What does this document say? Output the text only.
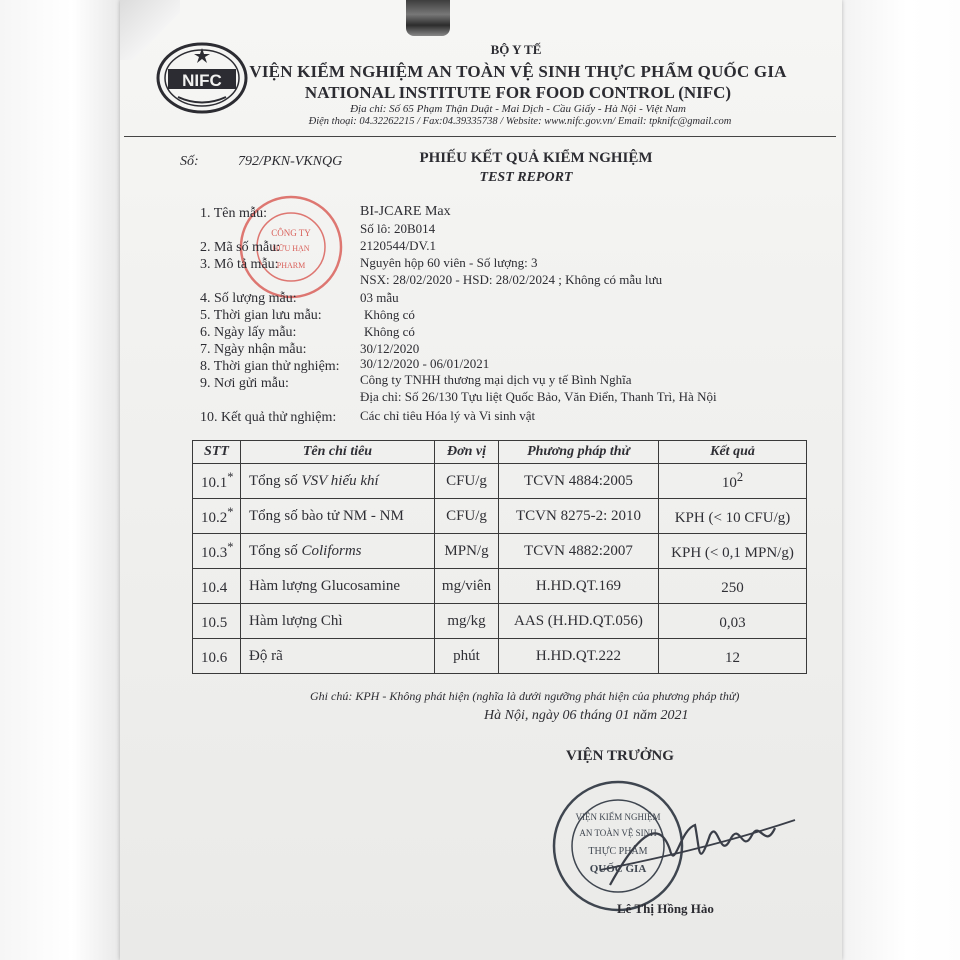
NIFC
BỘ Y TẾ
VIỆN KIỂM NGHIỆM AN TOÀN VỆ SINH THỰC PHẨM QUỐC GIA
NATIONAL INSTITUTE FOR FOOD CONTROL (NIFC)
Địa chỉ: Số 65 Phạm Thận Duật - Mai Dịch - Cầu Giấy - Hà Nội - Việt Nam
Điện thoại: 04.32262215 / Fax:04.39335738 / Website: www.nifc.gov.vn/ Email: tpknifc@gmail.com
Số:	792/PKN-VKNQG	PHIẾU KẾT QUẢ KIỂM NGHIỆM
TEST REPORT
CÔNG TY
HỮU HẠN
PHARM
1. Tên mẫu:	BI-JCARE Max
Số lô: 20B014
2. Mã số mẫu:	2120544/DV.1
3. Mô tả mẫu:	Nguyên hộp 60 viên - Số lượng: 3
NSX: 28/02/2020 - HSD: 28/02/2024 ; Không có mẫu lưu
4. Số lượng mẫu:	03 mẫu
5. Thời gian lưu mẫu:	Không có
6. Ngày lấy mẫu:	Không có
7. Ngày nhận mẫu:	30/12/2020
8. Thời gian thử nghiệm: 30/12/2020 - 06/01/2021
9. Nơi gửi mẫu:	Công ty TNHH thương mại dịch vụ y tế Bình Nghĩa
Địa chỉ: Số 26/130 Tựu liệt Quốc Bảo, Văn Điển, Thanh Trì, Hà Nội
10. Kết quả thử nghiệm: Các chỉ tiêu Hóa lý và Vi sinh vật
STT	Tên chỉ tiêu	Đơn vị	Phương pháp thử	Kết quả
10.1*	Tổng số VSV hiếu khí	CFU/g	TCVN 4884:2005	$10^2$
10.2*	Tổng số bào tử NM - NM	CFU/g	TCVN 8275-2: 2010	KPH (< 10 CFU/g)
10.3*	Tổng số Coliforms	MPN/g	TCVN 4882:2007	KPH (< 0,1 MPN/g)
10.4	Hàm lượng Glucosamine	mg/viên	H.HD.QT.169	250
10.5	Hàm lượng Chì	mg/kg	AAS (H.HD.QT.056)	0,03
10.6	Độ rã	phút	H.HD.QT.222	12
Ghi chú: KPH - Không phát hiện (nghĩa là dưới ngưỡng phát hiện của phương pháp thử)
Hà Nội, ngày 06 tháng 01 năm 2021
VIỆN TRƯỞNG
VIỆN KIỂM NGHIỆM
AN TOÀN VỆ SINH
THỰC PHẨM
QUỐC GIA
Lê Thị Hồng Hảo
